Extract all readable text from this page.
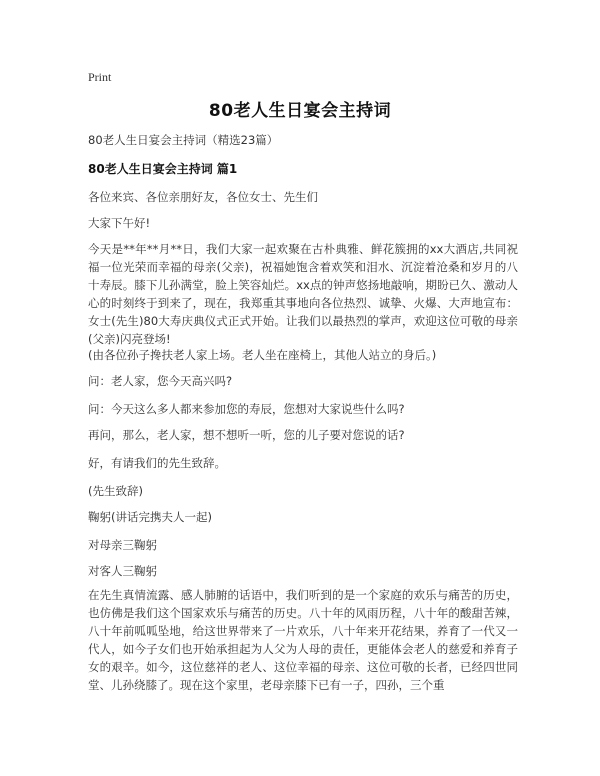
Print
80老人生日宴会主持词
80老人生日宴会主持词（精选23篇）
80老人生日宴会主持词 篇1

各位来宾、各位亲朋好友，各位女士、先生们

大家下午好!

今天是**年**月**日，我们大家一起欢聚在古朴典雅、鲜花簇拥的xx大酒店,共同祝福一位光荣而幸福的母亲(父亲)，祝福她饱含着欢笑和泪水、沉淀着沧桑和岁月的八十寿辰。膝下儿孙满堂，脸上笑容灿烂。xx点的钟声悠扬地敲响，期盼已久、激动人心的时刻终于到来了，现在，我郑重其事地向各位热烈、诚挚、火爆、大声地宣布：女士(先生)80大寿庆典仪式正式开始。让我们以最热烈的掌声，欢迎这位可敬的母亲(父亲)闪亮登场!

(由各位孙子搀扶老人家上场。老人坐在座椅上，其他人站立的身后。)

问：老人家，您今天高兴吗?

问：今天这么多人都来参加您的寿辰，您想对大家说些什么吗?

再问，那么，老人家，想不想听一听，您的儿子要对您说的话?

好，有请我们的先生致辞。

(先生致辞)

鞠躬(讲话完携夫人一起)

对母亲三鞠躬

对客人三鞠躬

在先生真情流露、感人肺腑的话语中，我们听到的是一个家庭的欢乐与痛苦的历史，也仿佛是我们这个国家欢乐与痛苦的历史。八十年的风雨历程，八十年的酸甜苦辣，八十年前呱呱坠地，给这世界带来了一片欢乐，八十年来开花结果，养育了一代又一代人，如今子女们也开始承担起为人父为人母的责任，更能体会老人的慈爱和养育子女的艰辛。如今，这位慈祥的老人、这位幸福的母亲、这位可敬的长者，已经四世同堂、儿孙绕膝了。现在这个家里，老母亲膝下已有一子，四孙，三个重
